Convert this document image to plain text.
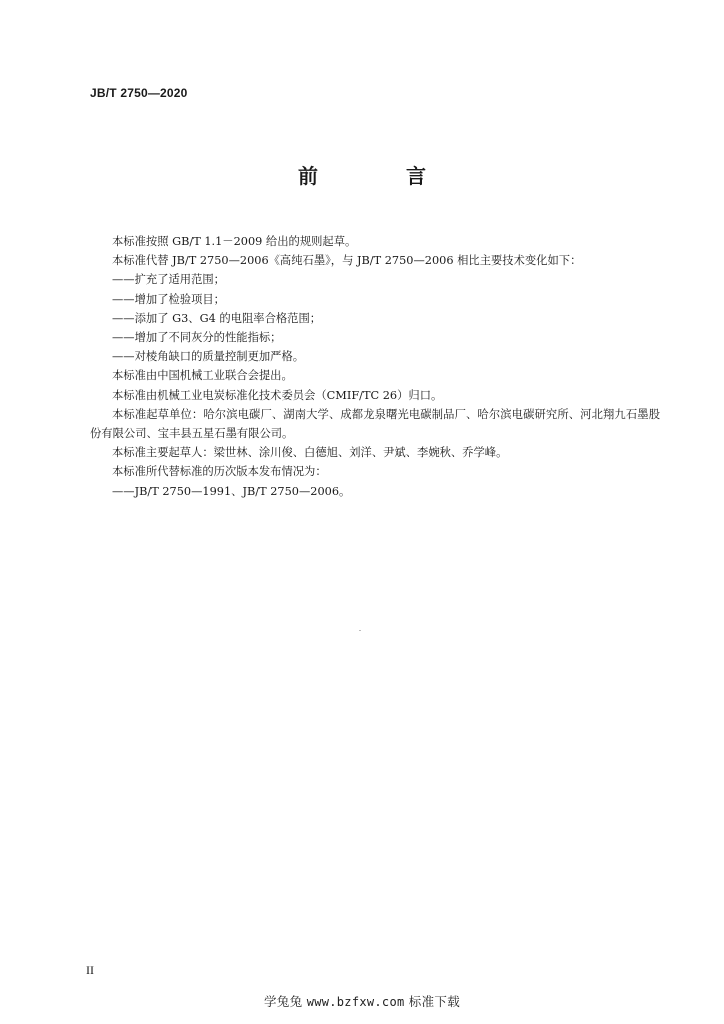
JB/T 2750—2020
前　言

本标准按照 GB/T 1.1－2009 给出的规则起草。

本标准代替 JB/T 2750—2006《高纯石墨》，与 JB/T 2750—2006 相比主要技术变化如下：

——扩充了适用范围；

——增加了检验项目；

——添加了 G3、G4 的电阻率合格范围；

——增加了不同灰分的性能指标；

——对棱角缺口的质量控制更加严格。

本标准由中国机械工业联合会提出。

本标准由机械工业电炭标准化技术委员会（CMIF/TC 26）归口。

本标准起草单位：哈尔滨电碳厂、湖南大学、成都龙泉曙光电碳制品厂、哈尔滨电碳研究所、河北翔九石墨股份有限公司、宝丰县五星石墨有限公司。

本标准主要起草人：梁世林、涂川俊、白德旭、刘洋、尹斌、李婉秋、乔学峰。

本标准所代替标准的历次版本发布情况为：

——JB/T 2750—1991、JB/T 2750—2006。

II
学兔兔 www.bzfxw.com 标准下载
